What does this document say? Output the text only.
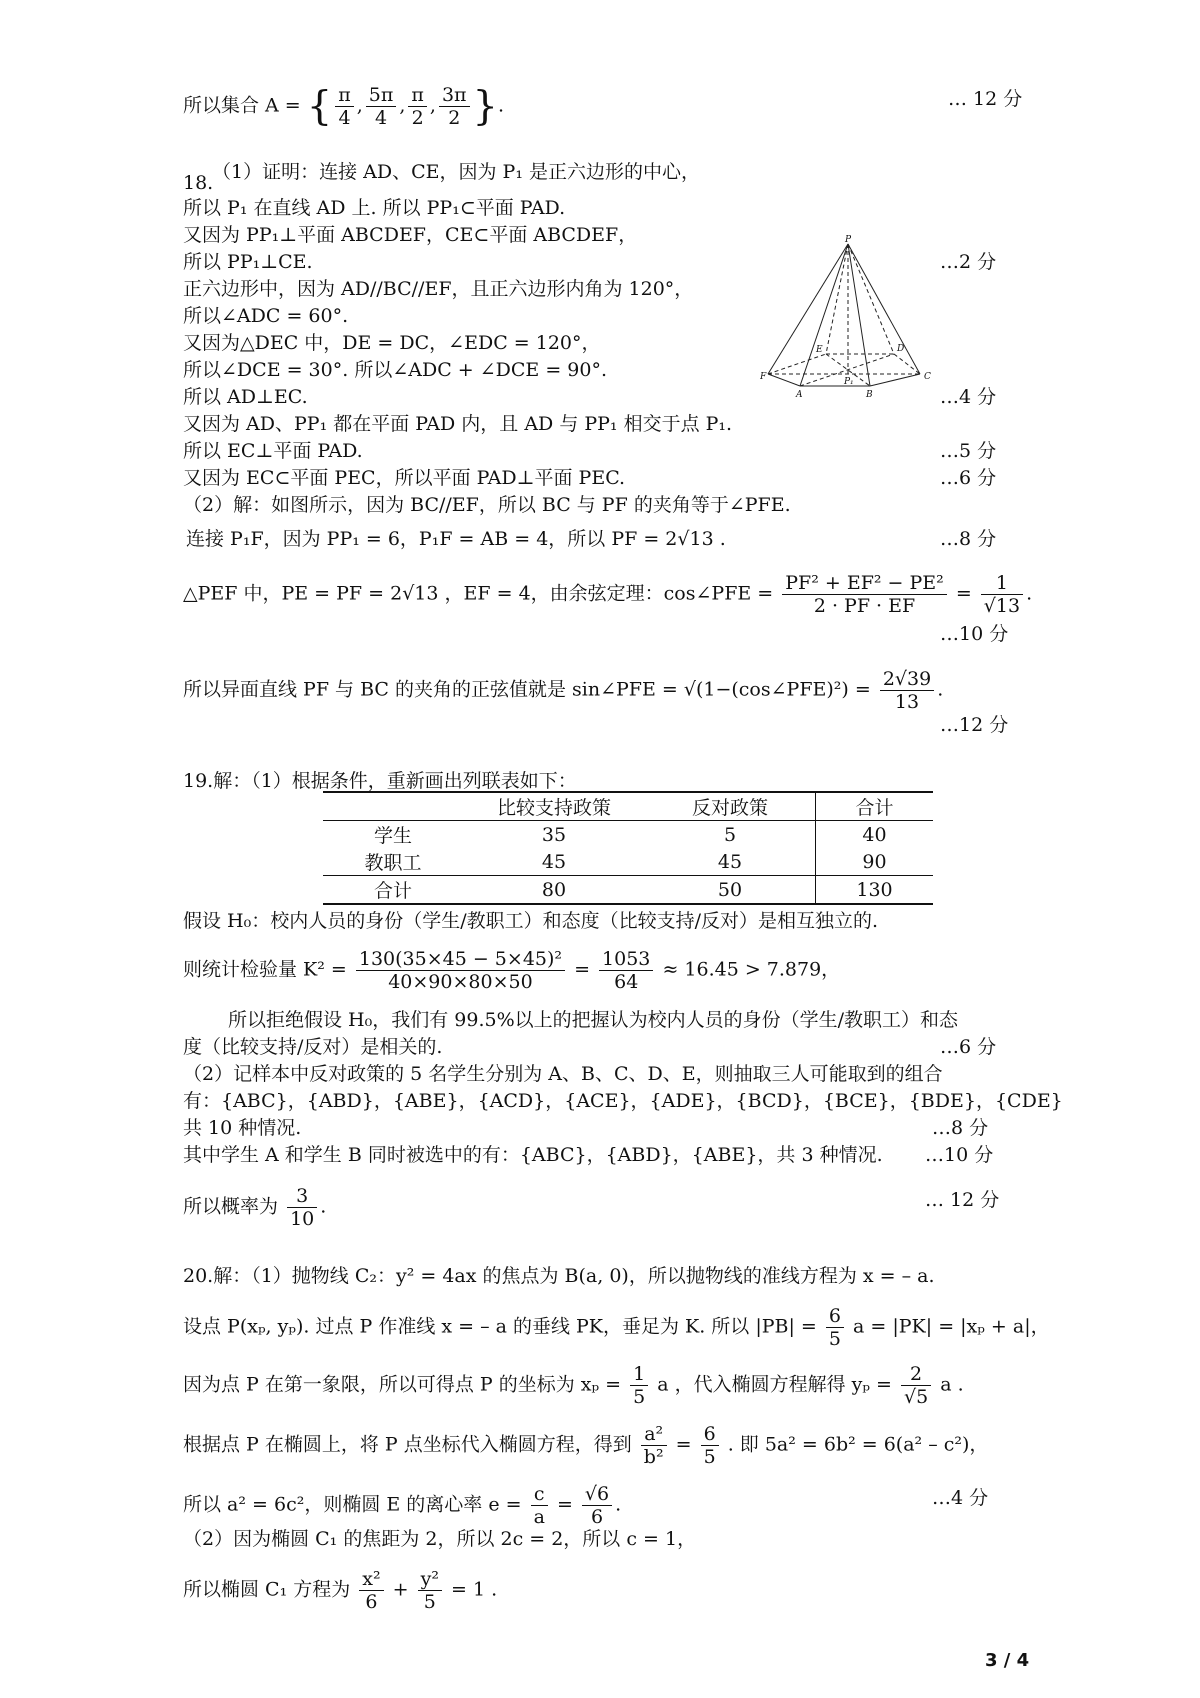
所以集合 A = { $\frac{\pi}{4}$ , $\frac{5\pi}{4}$ , $\frac{\pi}{2}$ , $\frac{3\pi}{2}$ }.	… 12 分
18.
（1）证明：连接 AD、CE，因为 P₁ 是正六边形的中心，
所以 P₁ 在直线 AD 上. 所以 PP₁⊂平面 PAD.
又因为 PP₁⊥平面 ABCDEF，CE⊂平面 ABCDEF，
所以 PP₁⊥CE.	…2 分
正六边形中，因为 AD//BC//EF，且正六边形内角为 120°，
所以∠ADC = 60°.
又因为△DEC 中，DE = DC，∠EDC = 120°，
所以∠DCE = 30°. 所以∠ADC + ∠DCE = 90°.
所以 AD⊥EC.	…4 分
又因为 AD、PP₁ 都在平面 PAD 内，且 AD 与 PP₁ 相交于点 P₁.
所以 EC⊥平面 PAD.	…5 分
又因为 EC⊂平面 PEC，所以平面 PAD⊥平面 PEC.	…6 分
（2）解：如图所示，因为 BC//EF，所以 BC 与 PF 的夹角等于∠PFE.
连接 P₁F，因为 PP₁ = 6，P₁F = AB = 4，所以 PF = 2√13 .	…8 分
△PEF 中，PE = PF = 2√13 ，EF = 4，由余弦定理：cos∠PFE = $\frac{\text{PF² + EF² − PE²}}{2 \cdot PF \cdot EF} = \frac{1}{√13}$ .
…10 分
所以异面直线 PF 与 BC 的夹角的正弦值就是 sin∠PFE = √(1−(cos∠PFE)²) = $\frac{2√39}{13}$ .
…12 分
P
F
A	B
C
D
E
P₁
19.解：（1）根据条件，重新画出列联表如下：
	比较支持政策	反对政策	合计
学生	35	5	40
教职工	45	45	90
合计	80	50	130
假设 H₀：校内人员的身份（学生/教职工）和态度（比较支持/反对）是相互独立的.
则统计检验量 $K^2 = \frac{\text{130(35×45 − 5×45)²}}{40\times 90\times 80\times 50} = \frac{1053}{64} \approx 16.45 > 7.879$，
所以拒绝假设 H₀，我们有 99.5%以上的把握认为校内人员的身份（学生/教职工）和态
度（比较支持/反对）是相关的.	…6 分
（2）记样本中反对政策的 5 名学生分别为 A、B、C、D、E，则抽取三人可能取到的组合
有：{ABC}，{ABD}，{ABE}，{ACD}，{ACE}，{ADE}，{BCD}，{BCE}，{BDE}，{CDE}
共 10 种情况.	…8 分
其中学生 A 和学生 B 同时被选中的有：{ABC}，{ABD}，{ABE}，共 3 种情况. …10 分
所以概率为 $\frac{3}{10}$ .	… 12 分
20.解：（1）抛物线 C₂：y² = 4ax 的焦点为 B(a, 0)，所以抛物线的准线方程为 x = – a.
设点 P(xₚ, yₚ). 过点 P 作准线 x = – a 的垂线 PK，垂足为 K. 所以 $|PB| = \frac{6}{5}$ a = |PK| = |xₚ + a|，
因为点 P 在第一象限，所以可得点 P 的坐标为 $x_p = \frac{1}{5}$ a ，代入椭圆方程解得 $y_p = \frac{2}{√5}$ a .
根据点 P 在椭圆上，将 P 点坐标代入椭圆方程，得到 $\frac{\text{a²}}{\text{b²}} = \frac{6}{5}$ . 即 5a² = 6b² = 6(a² – c²)，
所以 a² = 6c²，则椭圆 E 的离心率 $e = \frac{c}{a} = \frac{√6}{6}$ .	…4 分
（2）因为椭圆 C₁ 的焦距为 2，所以 2c = 2，所以 c = 1，
所以椭圆 C₁ 方程为 $\frac{\text{x²}}{6} + \frac{\text{y²}}{5} = 1$ .
3 / 4
